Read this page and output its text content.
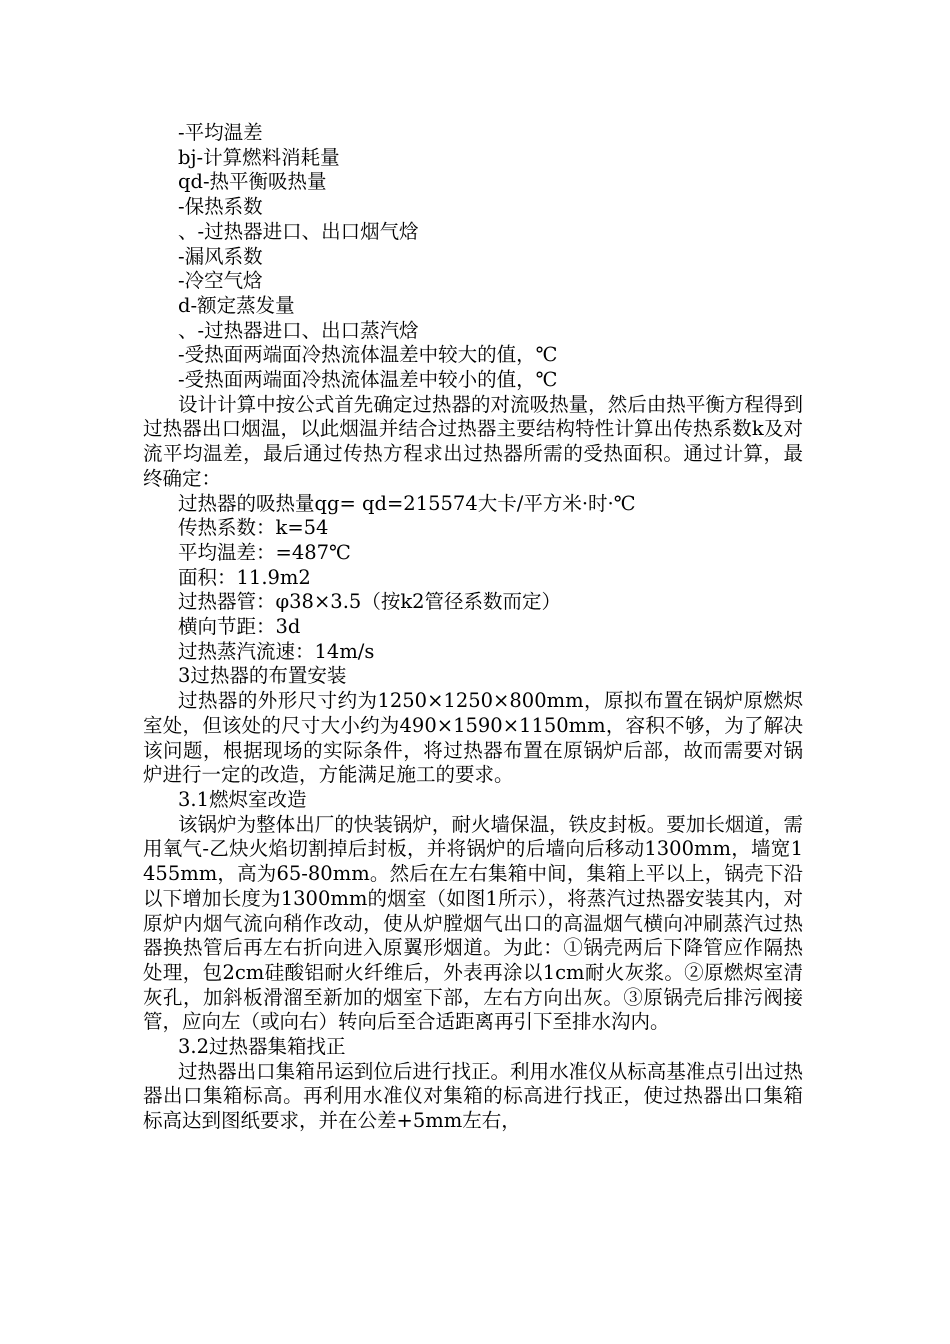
-平均温差

bj-计算燃料消耗量

qd-热平衡吸热量

-保热系数

、-过热器进口、出口烟气焓

-漏风系数

-冷空气焓

d-额定蒸发量

、-过热器进口、出口蒸汽焓

-受热面两端面冷热流体温差中较大的值，℃

-受热面两端面冷热流体温差中较小的值，℃

设计计算中按公式首先确定过热器的对流吸热量，然后由热平衡方程得到过热器出口烟温，以此烟温并结合过热器主要结构特性计算出传热系数k及对流平均温差，最后通过传热方程求出过热器所需的受热面积。通过计算，最终确定：

过热器的吸热量qg= qd=215574大卡/平方米·时·℃

传热系数：k=54

平均温差：=487℃

面积：11.9m2

过热器管：φ38×3.5（按k2管径系数而定）

横向节距：3d

过热蒸汽流速：14m/s

3过热器的布置安装

过热器的外形尺寸约为1250×1250×800mm，原拟布置在锅炉原燃烬室处，但该处的尺寸大小约为490×1590×1150mm，容积不够，为了解决该问题，根据现场的实际条件，将过热器布置在原锅炉后部，故而需要对锅炉进行一定的改造，方能满足施工的要求。

3.1燃烬室改造

该锅炉为整体出厂的快装锅炉，耐火墙保温，铁皮封板。要加长烟道，需用氧气-乙炔火焰切割掉后封板，并将锅炉的后墙向后移动1300mm，墙宽1455mm，高为65-80mm。然后在左右集箱中间，集箱上平以上，锅壳下沿以下增加长度为1300mm的烟室（如图1所示），将蒸汽过热器安装其内，对原炉内烟气流向稍作改动，使从炉膛烟气出口的高温烟气横向冲刷蒸汽过热器换热管后再左右折向进入原翼形烟道。为此：①锅壳两后下降管应作隔热处理，包2cm硅酸铝耐火纤维后，外表再涂以1cm耐火灰浆。②原燃烬室清灰孔，加斜板滑溜至新加的烟室下部，左右方向出灰。③原锅壳后排污阀接管，应向左（或向右）转向后至合适距离再引下至排水沟内。

3.2过热器集箱找正

过热器出口集箱吊运到位后进行找正。利用水准仪从标高基准点引出过热器出口集箱标高。再利用水准仪对集箱的标高进行找正，使过热器出口集箱标高达到图纸要求，并在公差+5mm左右，
